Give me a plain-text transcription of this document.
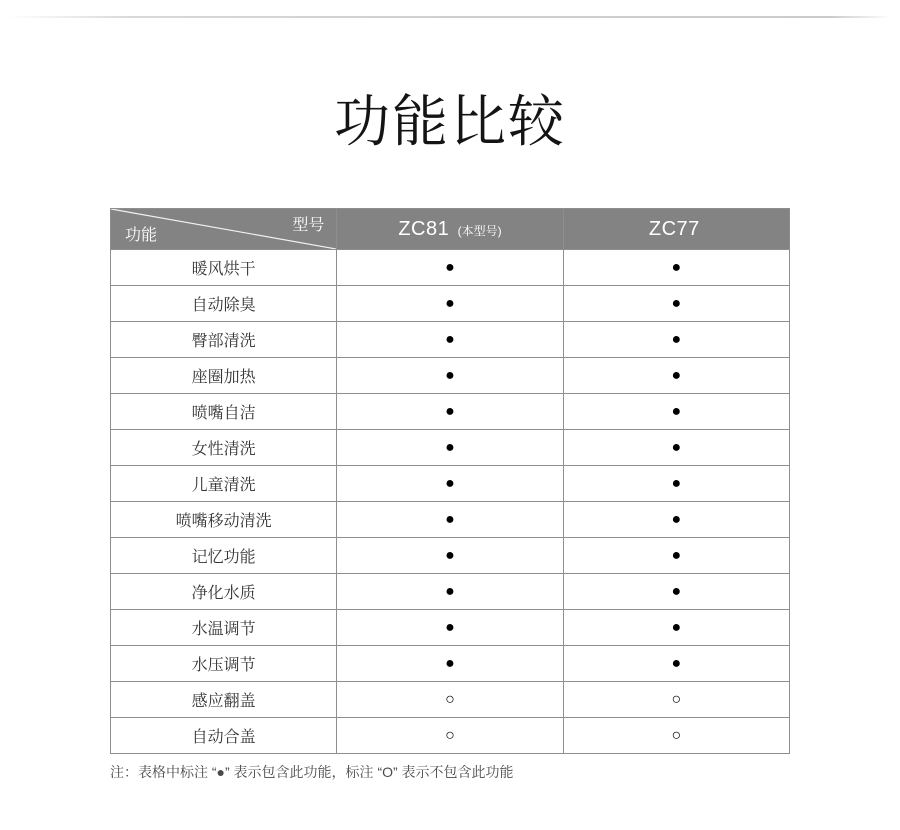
功能比较
型号
功能	ZC81 (本型号)	ZC77
暖风烘干	●	●
自动除臭	●	●
臀部清洗	●	●
座圈加热	●	●
喷嘴自洁	●	●
女性清洗	●	●
儿童清洗	●	●
喷嘴移动清洗	●	●
记忆功能	●	●
净化水质	●	●
水温调节	●	●
水压调节	●	●
感应翻盖	○	○
自动合盖	○	○

注：表格中标注 “●” 表示包含此功能，标注 “O” 表示不包含此功能
